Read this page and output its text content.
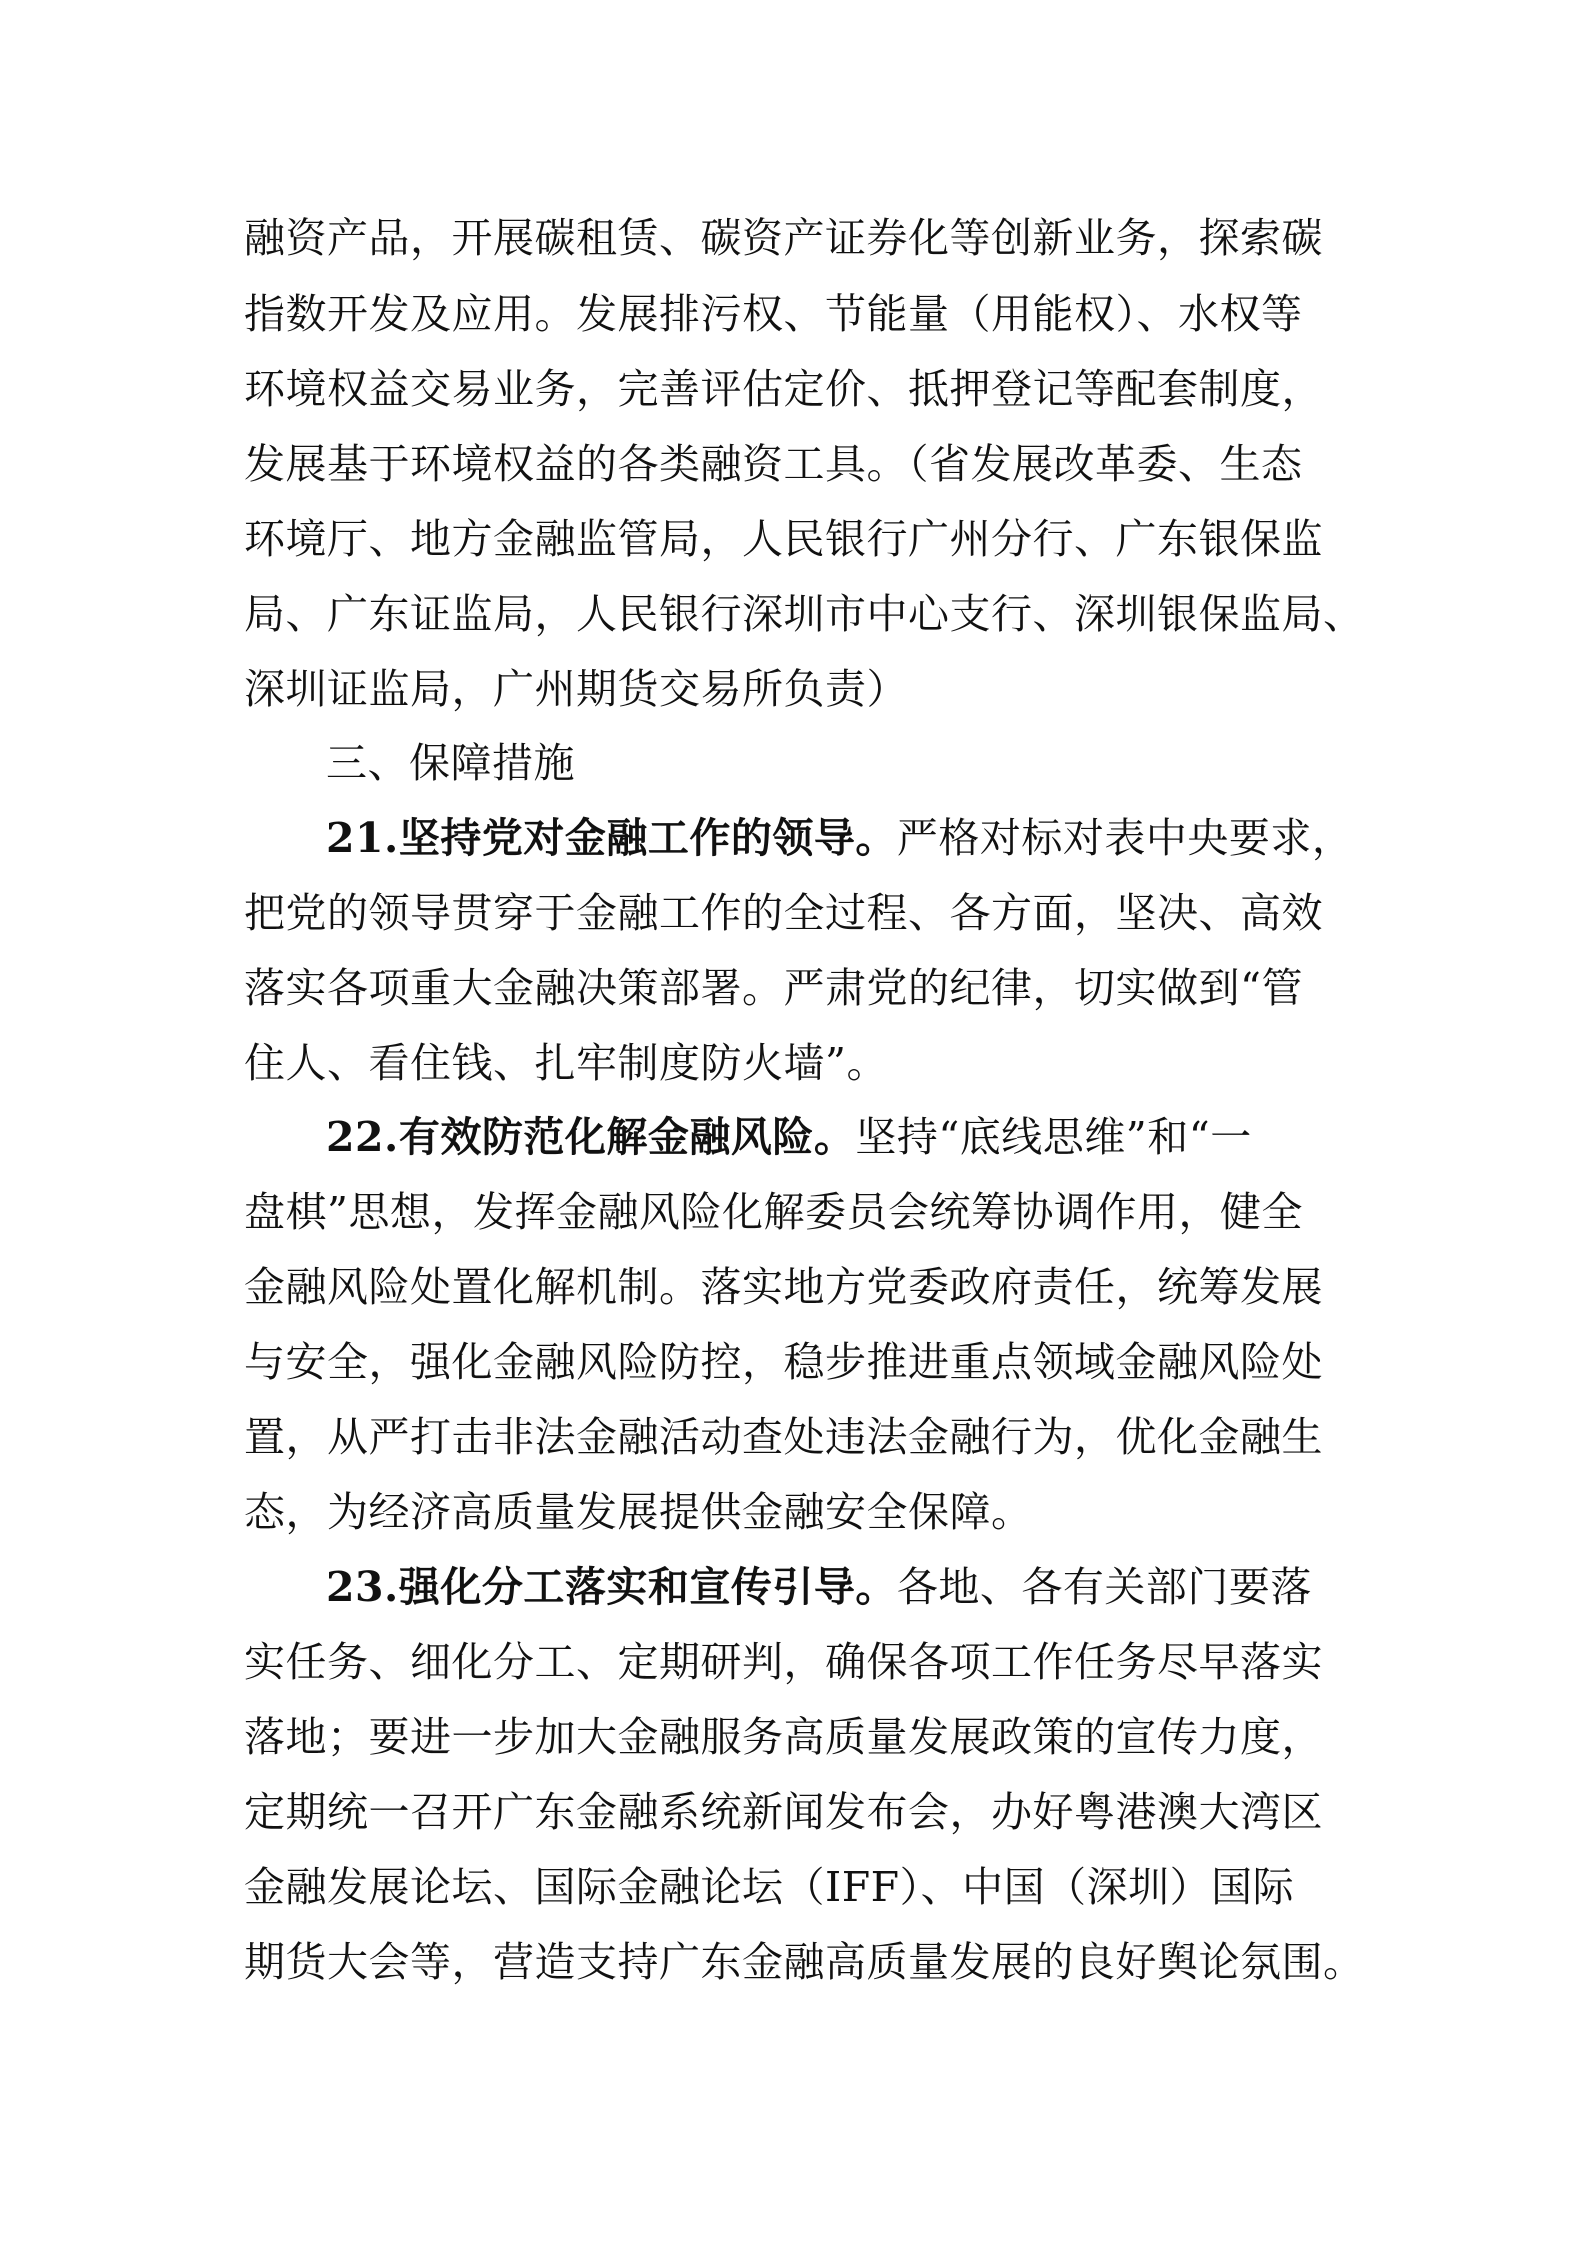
融资产品，开展碳租赁、碳资产证券化等创新业务，探索碳
指数开发及应用。发展排污权、节能量（用能权）、水权等
环境权益交易业务，完善评估定价、抵押登记等配套制度，
发展基于环境权益的各类融资工具。（省发展改革委、生态
环境厅、地方金融监管局，人民银行广州分行、广东银保监
局、广东证监局，人民银行深圳市中心支行、深圳银保监局、
深圳证监局，广州期货交易所负责）
三、保障措施
21.坚持党对金融工作的领导。严格对标对表中央要求，
把党的领导贯穿于金融工作的全过程、各方面，坚决、高效
落实各项重大金融决策部署。严肃党的纪律，切实做到“管
住人、看住钱、扎牢制度防火墙”。
22.有效防范化解金融风险。坚持“底线思维”和“一
盘棋”思想，发挥金融风险化解委员会统筹协调作用，健全
金融风险处置化解机制。落实地方党委政府责任，统筹发展
与安全，强化金融风险防控，稳步推进重点领域金融风险处
置，从严打击非法金融活动查处违法金融行为，优化金融生
态，为经济高质量发展提供金融安全保障。
23.强化分工落实和宣传引导。各地、各有关部门要落
实任务、细化分工、定期研判，确保各项工作任务尽早落实
落地；要进一步加大金融服务高质量发展政策的宣传力度，
定期统一召开广东金融系统新闻发布会，办好粤港澳大湾区
金融发展论坛、国际金融论坛（IFF）、中国（深圳）国际
期货大会等，营造支持广东金融高质量发展的良好舆论氛围。
